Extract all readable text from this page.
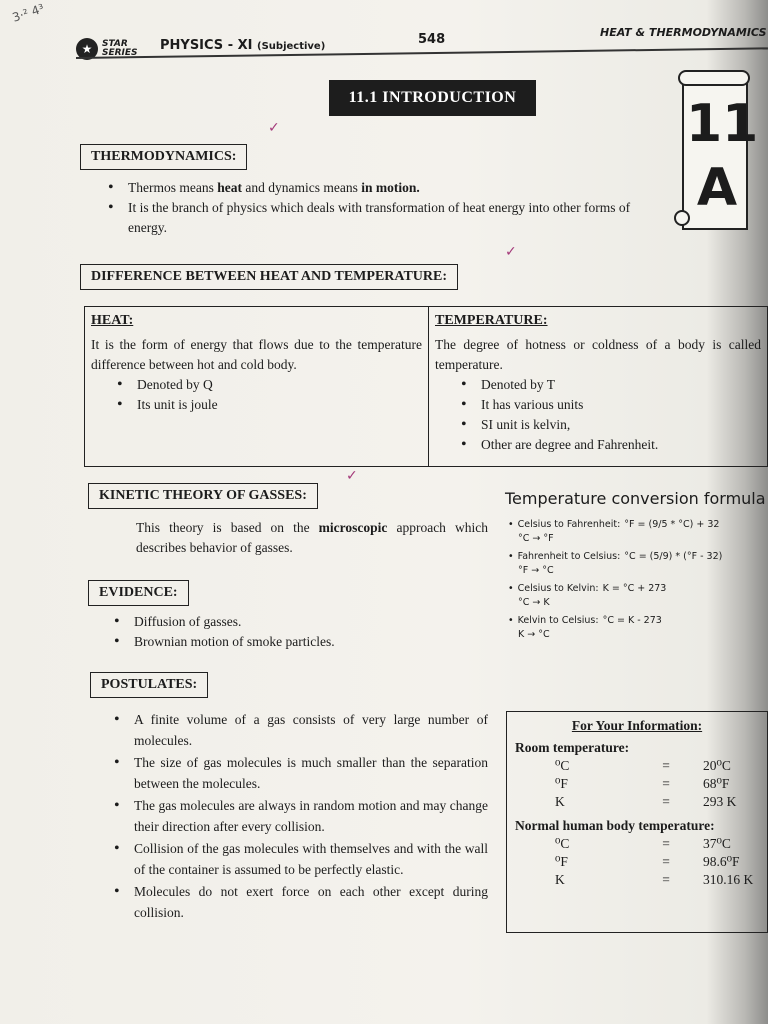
3·² 4³
★	STAR
SERIES PHYSICS - XI (Subjective)	548	HEAT & THERMODYNAMICS
11.1 INTRODUCTION	11
A
THERMODYNAMICS:
✓
• Thermos means heat and dynamics means in motion.
• It is the branch of physics which deals with transformation of heat energy into other forms of energy.
DIFFERENCE BETWEEN HEAT AND TEMPERATURE:
✓
HEAT:

It is the form of energy that flows due to the temperature difference between hot and cold body.

• Denoted by Q
• Its unit is joule
TEMPERATURE:

The degree of hotness or coldness of a body is called temperature.

• Denoted by T
• It has various units
• SI unit is kelvin,
• Other are degree and Fahrenheit.
KINETIC THEORY OF GASSES:
✓
This theory is based on the microscopic approach which describes behavior of gasses.
EVIDENCE:
• Diffusion of gasses.
• Brownian motion of smoke particles.
Temperature conversion formula
• Celsius to Fahrenheit: °F = (9/5 * °C) + 32
°C → °F
• Fahrenheit to Celsius: °C = (5/9) * (°F - 32)
°F → °C
• Celsius to Kelvin: K = °C + 273
°C → K
• Kelvin to Celsius: °C = K - 273
K → °C
POSTULATES:
• A finite volume of a gas consists of very large number of molecules.
• The size of gas molecules is much smaller than the separation between the molecules.
• The gas molecules are always in random motion and may change their direction after every collision.
• Collision of the gas molecules with themselves and with the wall of the container is assumed to be perfectly elastic.
• Molecules do not exert force on each other except during collision.
For Your Information:
Room temperature:
⁰C	=	20⁰C
⁰F	=	68⁰F
K	=	293 K
Normal human body temperature:
⁰C	=	37⁰C
⁰F	=	98.6⁰F
K	=	310.16 K
